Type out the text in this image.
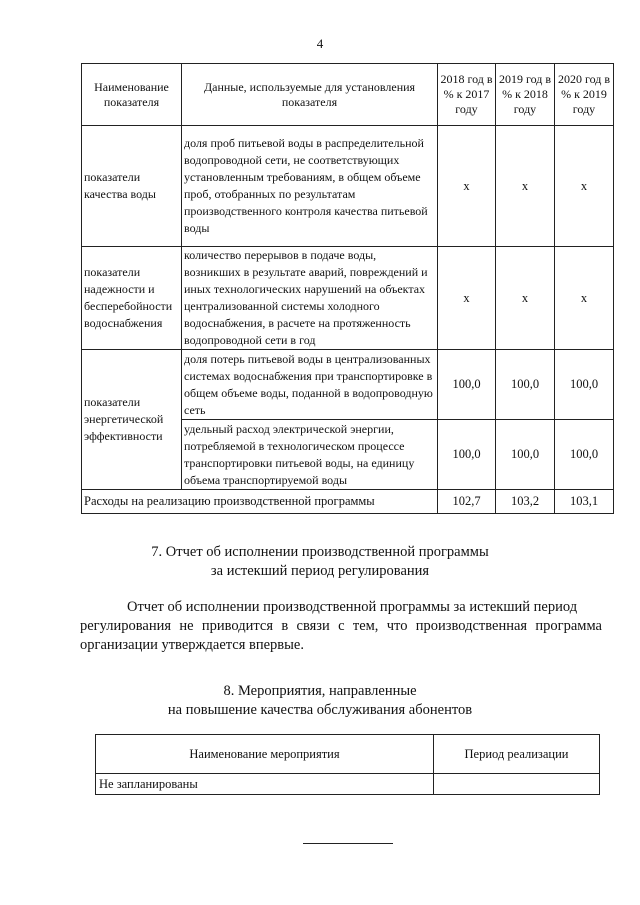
4
Наименование показателя	Данные, используемые для установления показателя	2018 год в % к 2017 году	2019 год в % к 2018 году	2020 год в % к 2019 году
показатели качества воды	доля проб питьевой воды в распределительной водопроводной сети, не соответствующих установленным требованиям, в общем объеме проб, отобранных по результатам производственного контроля качества питьевой воды	х	х	х
показатели надежности и бесперебойности водоснабжения	количество перерывов в подаче воды, возникших в результате аварий, повреждений и иных технологических нарушений на объектах централизованной системы холодного водоснабжения, в расчете на протяженность водопроводной сети в год	х	х	х
показатели энергетической эффективности	доля потерь питьевой воды в централизованных системах водоснабжения при транспортировке в общем объеме воды, поданной в водопроводную сеть	100,0	100,0	100,0
	удельный расход электрической энергии, потребляемой в технологическом процессе транспортировки питьевой воды, на единицу объема транспортируемой воды	100,0	100,0	100,0
Расходы на реализацию производственной программы		102,7	103,2	103,1
7. Отчет об исполнении производственной программы
за истекший период регулирования
Отчет об исполнении производственной программы за истекший период
регулирования не приводится в связи с тем, что производственная программа организации утверждается впервые.
8. Мероприятия, направленные
на повышение качества обслуживания абонентов
Наименование мероприятия	Период реализации
Не запланированы	
